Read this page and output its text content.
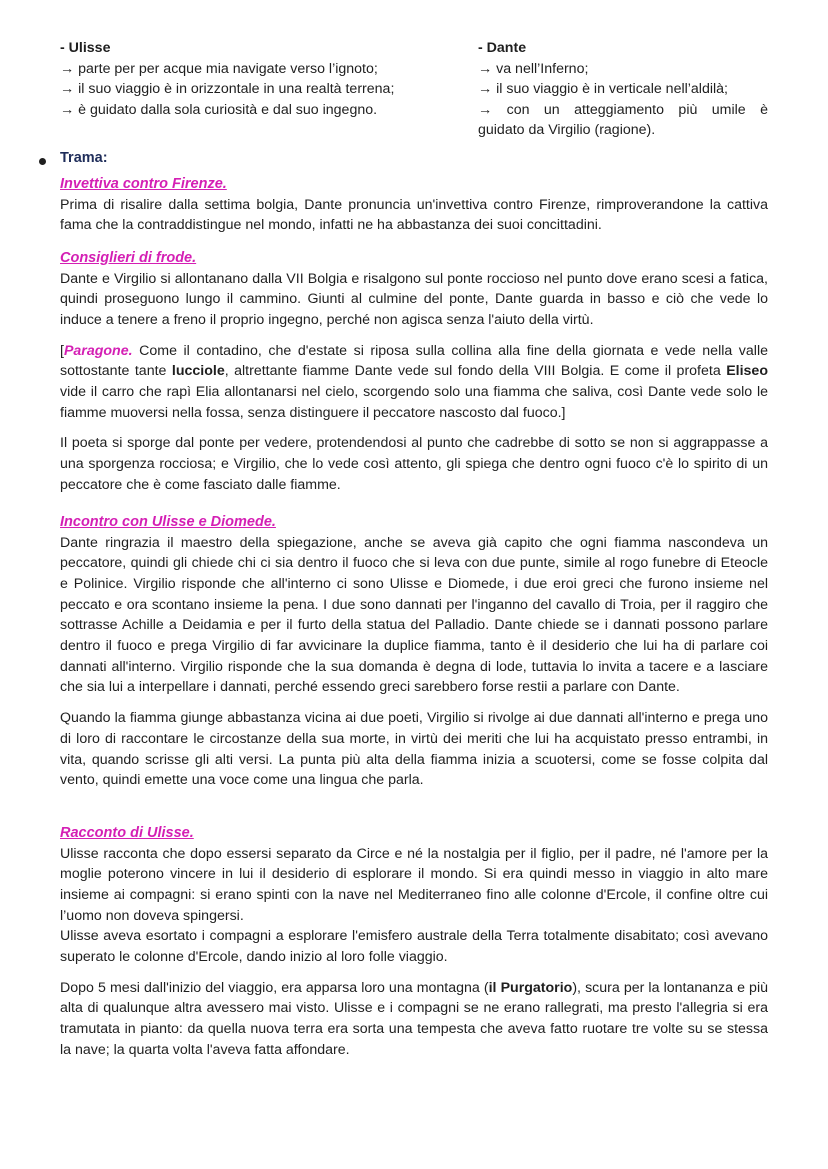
- Ulisse
→ parte per per acque mia navigate verso l’ignoto;
→ il suo viaggio è in orizzontale in una realtà terrena;
→ è guidato dalla sola curiosità e dal suo ingegno.
- Dante
→ va nell’Inferno;
→ il suo viaggio è in verticale nell’aldilà;
→   con   un   atteggiamento   più   umile   è
guidato da Virgilio (ragione).
Trama:

Invettiva contro Firenze.

Prima di risalire dalla settima bolgia, Dante pronuncia un'invettiva contro Firenze, rimproverandone la cattiva fama che la contraddistingue nel mondo, infatti ne ha abbastanza dei suoi concittadini.

Consiglieri di frode.

Dante e Virgilio si allontanano dalla VII Bolgia e risalgono sul ponte roccioso nel punto dove erano scesi a fatica, quindi proseguono lungo il cammino. Giunti al culmine del ponte, Dante guarda in basso e ciò che vede lo induce a tenere a freno il proprio ingegno, perché non agisca senza l'aiuto della virtù.

[Paragone. Come il contadino, che d'estate si riposa sulla collina alla fine della giornata e vede nella valle sottostante tante lucciole, altrettante fiamme Dante vede sul fondo della VIII Bolgia. E come il profeta Eliseo vide il carro che rapì Elia allontanarsi nel cielo, scorgendo solo una fiamma che saliva, così Dante vede solo le fiamme muoversi nella fossa, senza distinguere il peccatore nascosto dal fuoco.]

Il poeta si sporge dal ponte per vedere, protendendosi al punto che cadrebbe di sotto se non si aggrappasse a una sporgenza rocciosa; e Virgilio, che lo vede così attento, gli spiega che dentro ogni fuoco c'è lo spirito di un peccatore che è come fasciato dalle fiamme.

Incontro con Ulisse e Diomede.

Dante ringrazia il maestro della spiegazione, anche se aveva già capito che ogni fiamma nascondeva un peccatore, quindi gli chiede chi ci sia dentro il fuoco che si leva con due punte, simile al rogo funebre di Eteocle e Polinice. Virgilio risponde che all'interno ci sono Ulisse e Diomede, i due eroi greci che furono insieme nel peccato e ora scontano insieme la pena. I due sono dannati per l'inganno del cavallo di Troia, per il raggiro che sottrasse Achille a Deidamia e per il furto della statua del Palladio. Dante chiede se i dannati possono parlare dentro il fuoco e prega Virgilio di far avvicinare la duplice fiamma, tanto è il desiderio che lui ha di parlare coi dannati all'interno. Virgilio risponde che la sua domanda è degna di lode, tuttavia lo invita a tacere e a lasciare che sia lui a interpellare i dannati, perché essendo greci sarebbero forse restii a parlare con Dante.

Quando la fiamma giunge abbastanza vicina ai due poeti, Virgilio si rivolge ai due dannati all'interno e prega uno di loro di raccontare le circostanze della sua morte, in virtù dei meriti che lui ha acquistato presso entrambi, in vita, quando scrisse gli alti versi. La punta più alta della fiamma inizia a scuotersi, come se fosse colpita dal vento, quindi emette una voce come una lingua che parla.

Racconto di Ulisse.

Ulisse racconta che dopo essersi separato da Circe e né la nostalgia per il figlio, per il padre, né l'amore per la moglie poterono vincere in lui il desiderio di esplorare il mondo. Si era quindi messo in viaggio in alto mare insieme ai compagni: si erano spinti con la nave nel Mediterraneo fino alle colonne d'Ercole, il confine oltre cui l’uomo non doveva spingersi.

Ulisse aveva esortato i compagni a esplorare l'emisfero australe della Terra totalmente disabitato; così avevano superato le colonne d'Ercole, dando inizio al loro folle viaggio.

Dopo 5 mesi dall'inizio del viaggio, era apparsa loro una montagna (il Purgatorio), scura per la lontananza e più alta di qualunque altra avessero mai visto. Ulisse e i compagni se ne erano rallegrati, ma presto l'allegria si era tramutata in pianto: da quella nuova terra era sorta una tempesta che aveva fatto ruotare tre volte su se stessa la nave; la quarta volta l'aveva fatta affondare.
